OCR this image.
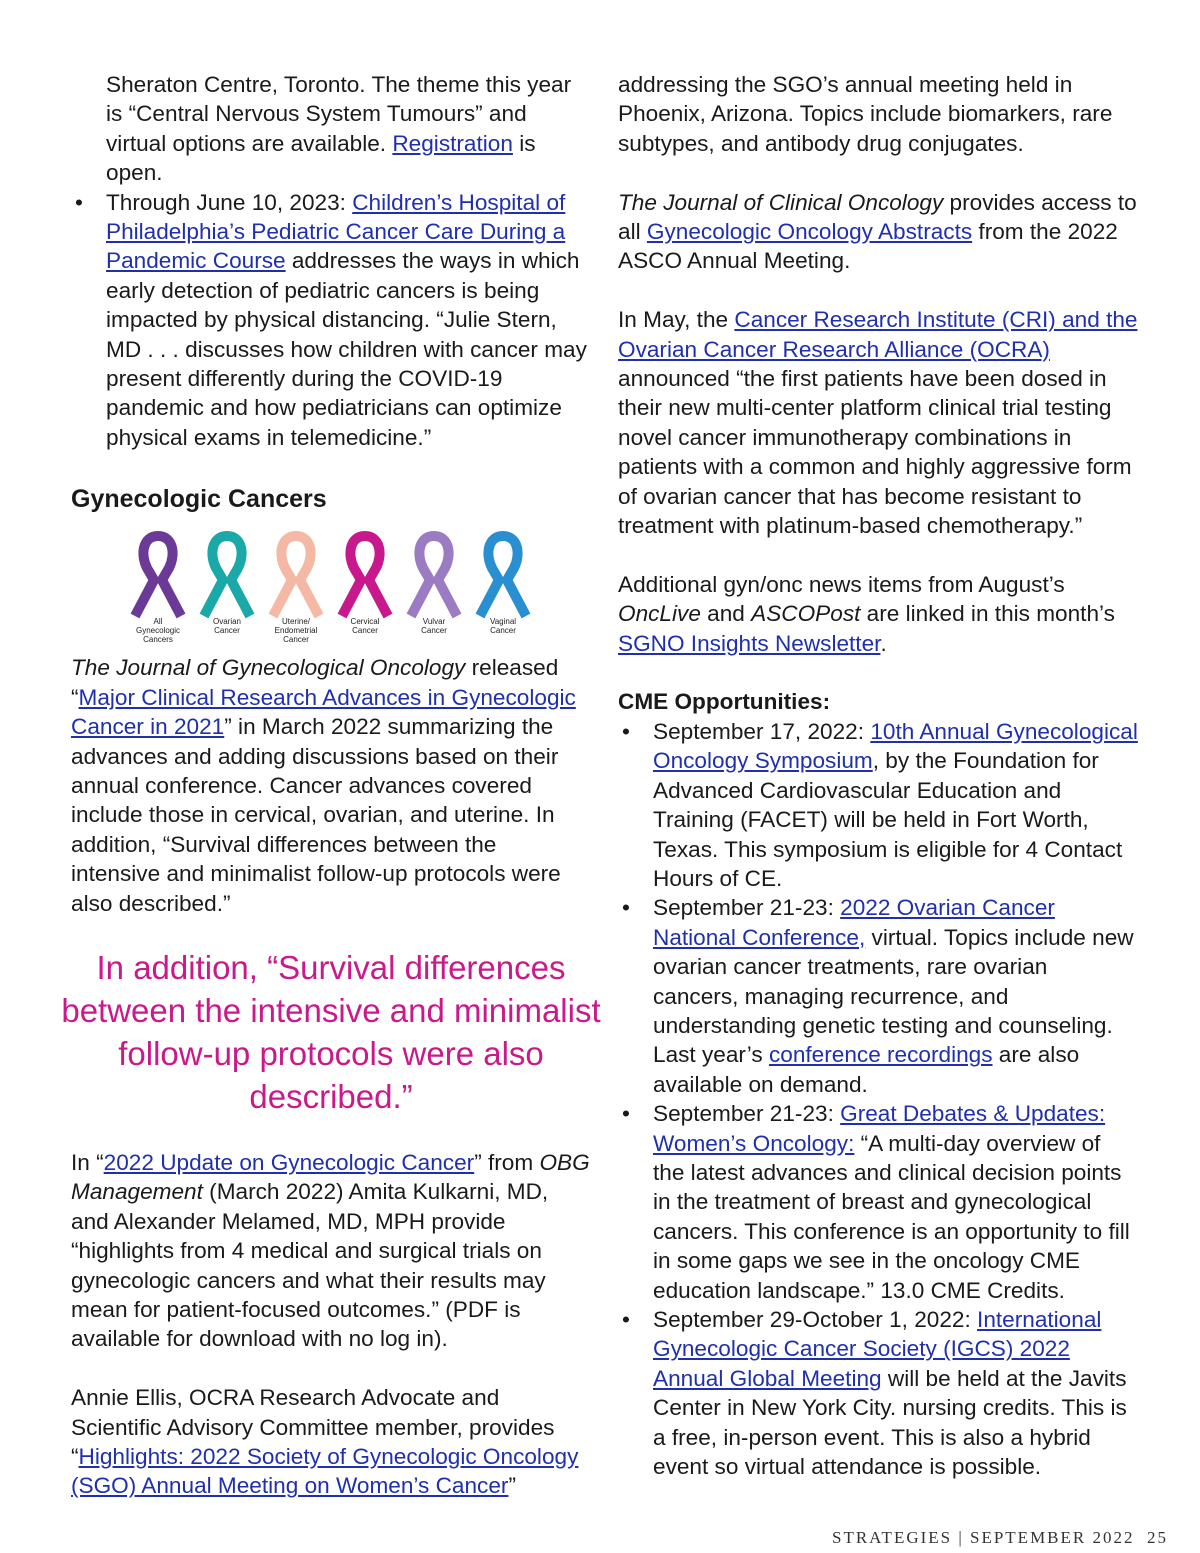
Sheraton Centre, Toronto. The theme this year is “Central Nervous System Tumours” and virtual options are available. Registration is open.

• Through June 10, 2023: Children’s Hospital of Philadelphia’s Pediatric Cancer Care During a Pandemic Course addresses the ways in which early detection of pediatric cancers is being impacted by physical distancing. “Julie Stern, MD . . . discusses how children with cancer may present differently during the COVID-19 pandemic and how pediatricians can optimize physical exams in telemedicine.”
Gynecologic Cancers
All
Gynecologic
Cancers
Ovarian
Cancer
Uterine/
Endometrial
Cancer
Cervical
Cancer
Vulvar
Cancer
Vaginal
Cancer

The Journal of Gynecological Oncology released “Major Clinical Research Advances in Gynecologic Cancer in 2021” in March 2022 summarizing the advances and adding discussions based on their annual conference. Cancer advances covered include those in cervical, ovarian, and uterine. In addition, “Survival differences between the intensive and minimalist follow-up protocols were also described.”

In addition, “Survival differences between the intensive and minimalist follow-up protocols were also described.”

In “2022 Update on Gynecologic Cancer” from OBG Management (March 2022) Amita Kulkarni, MD, and Alexander Melamed, MD, MPH provide “highlights from 4 medical and surgical trials on gynecologic cancers and what their results may mean for patient-focused outcomes.” (PDF is available for download with no log in).

Annie Ellis, OCRA Research Advocate and Scientific Advisory Committee member, provides “Highlights: 2022 Society of Gynecologic Oncology (SGO) Annual Meeting on Women’s Cancer”

addressing the SGO’s annual meeting held in Phoenix, Arizona. Topics include biomarkers, rare subtypes, and antibody drug conjugates.

The Journal of Clinical Oncology provides access to all Gynecologic Oncology Abstracts from the 2022 ASCO Annual Meeting.

In May, the Cancer Research Institute (CRI) and the Ovarian Cancer Research Alliance (OCRA) announced “the first patients have been dosed in their new multi-center platform clinical trial testing novel cancer immunotherapy combinations in patients with a common and highly aggressive form of ovarian cancer that has become resistant to treatment with platinum-based chemotherapy.”

Additional gyn/onc news items from August’s OncLive and ASCOPost are linked in this month’s SGNO Insights Newsletter.

CME Opportunities:
• September 17, 2022: 10th Annual Gynecological Oncology Symposium, by the Foundation for Advanced Cardiovascular Education and Training (FACET) will be held in Fort Worth, Texas. This symposium is eligible for 4 Contact Hours of CE.
• September 21-23: 2022 Ovarian Cancer National Conference, virtual. Topics include new ovarian cancer treatments, rare ovarian cancers, managing recurrence, and understanding genetic testing and counseling. Last year’s conference recordings are also available on demand.
• September 21-23: Great Debates & Updates: Women’s Oncology: “A multi-day overview of the latest advances and clinical decision points in the treatment of breast and gynecological cancers. This conference is an opportunity to fill in some gaps we see in the oncology CME education landscape.” 13.0 CME Credits.
• September 29-October 1, 2022: International Gynecologic Cancer Society (IGCS) 2022 Annual Global Meeting will be held at the Javits Center in New York City. nursing credits. This is a free, in-person event. This is also a hybrid event so virtual attendance is possible.
STRATEGIES | SEPTEMBER 2022 25
